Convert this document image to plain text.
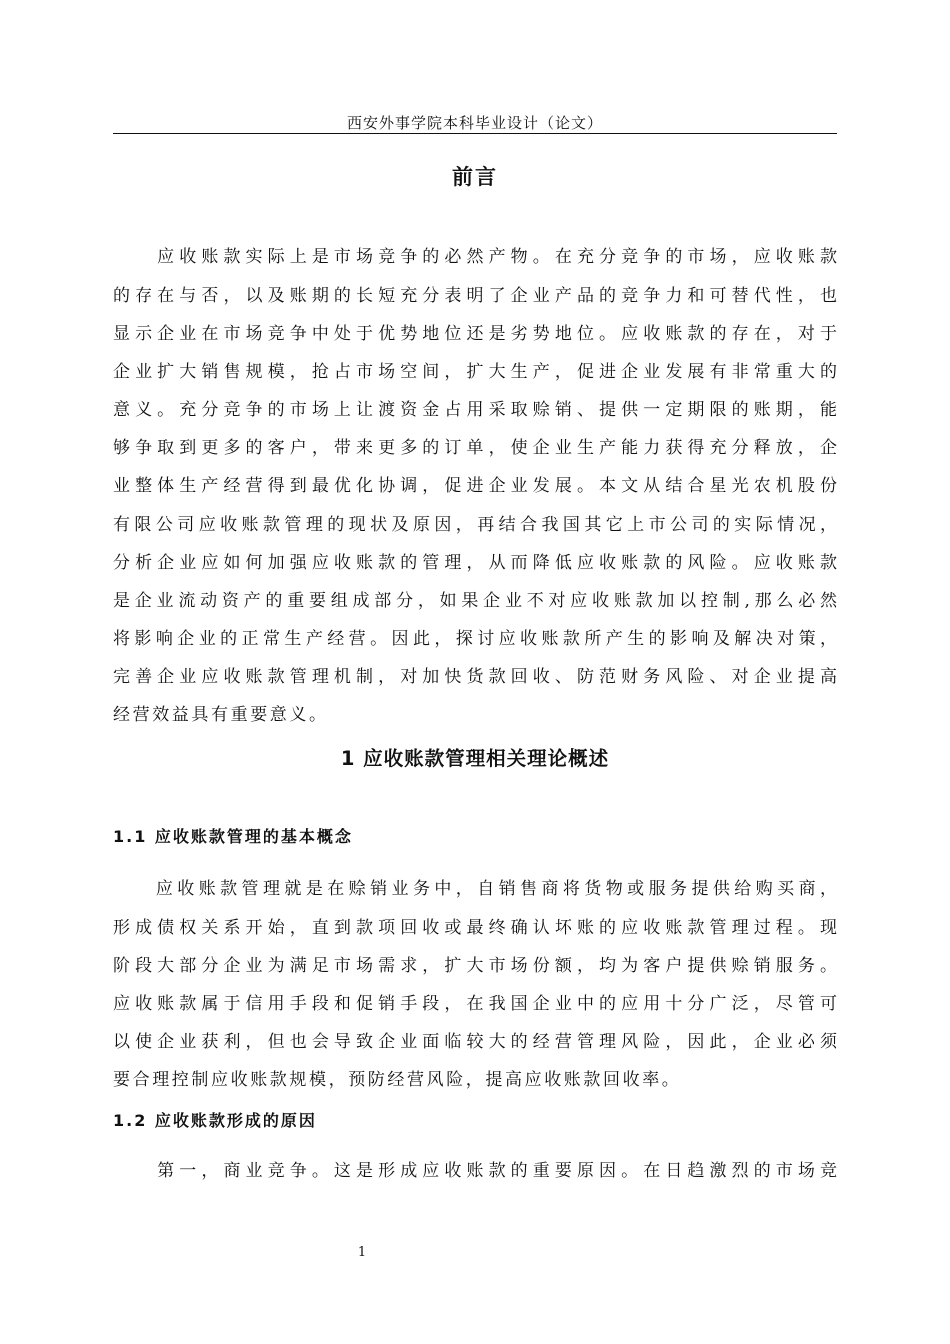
西安外事学院本科毕业设计（论文）
前言
　　应收账款实际上是市场竞争的必然产物。在充分竞争的市场，应收账款
的存在与否，以及账期的长短充分表明了企业产品的竞争力和可替代性，也
显示企业在市场竞争中处于优势地位还是劣势地位。应收账款的存在，对于
企业扩大销售规模，抢占市场空间，扩大生产，促进企业发展有非常重大的
意义。充分竞争的市场上让渡资金占用采取赊销、提供一定期限的账期，能
够争取到更多的客户，带来更多的订单，使企业生产能力获得充分释放，企
业整体生产经营得到最优化协调，促进企业发展。本文从结合星光农机股份
有限公司应收账款管理的现状及原因，再结合我国其它上市公司的实际情况，
分析企业应如何加强应收账款的管理，从而降低应收账款的风险。应收账款
是企业流动资产的重要组成部分，如果企业不对应收账款加以控制,那么必然
将影响企业的正常生产经营。因此，探讨应收账款所产生的影响及解决对策，
完善企业应收账款管理机制，对加快货款回收、防范财务风险、对企业提高
经营效益具有重要意义。
1 应收账款管理相关理论概述
1.1 应收账款管理的基本概念
　　应收账款管理就是在赊销业务中，自销售商将货物或服务提供给购买商，
形成债权关系开始，直到款项回收或最终确认坏账的应收账款管理过程。现
阶段大部分企业为满足市场需求，扩大市场份额，均为客户提供赊销服务。
应收账款属于信用手段和促销手段，在我国企业中的应用十分广泛，尽管可
以使企业获利，但也会导致企业面临较大的经营管理风险，因此，企业必须
要合理控制应收账款规模，预防经营风险，提高应收账款回收率。
1.2 应收账款形成的原因
　　第一，商业竞争。这是形成应收账款的重要原因。在日趋激烈的市场竞
1
